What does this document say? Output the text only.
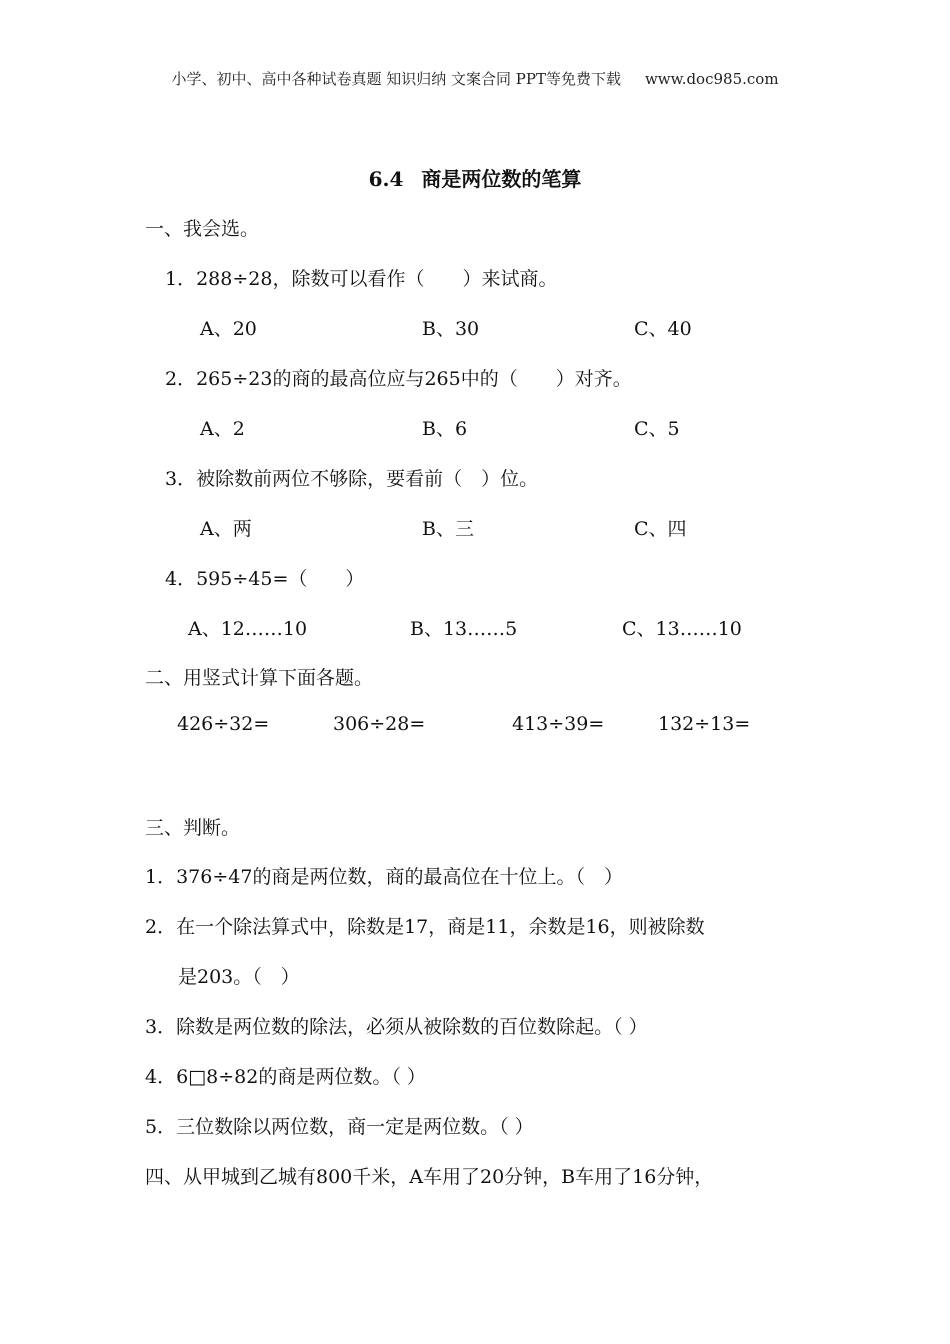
小学、初中、高中各种试卷真题 知识归纳 文案合同 PPT等免费下载 www.doc985.com
6.4 商是两位数的笔算
一、我会选。
1．288÷28，除数可以看作（　　）来试商。
A、20	B、30	C、40
2．265÷23的商的最高位应与265中的（　　）对齐。
A、2	B、6	C、5
3．被除数前两位不够除，要看前（　）位。
A、两	B、三	C、四
4．595÷45=（　　）
A、12……10	B、13……5	C、13……10
二、用竖式计算下面各题。
426÷32=	306÷28=	413÷39=	132÷13=
三、判断。
1．376÷47的商是两位数，商的最高位在十位上。（　）
2．在一个除法算式中，除数是17，商是11，余数是16，则被除数
是203。（　）
3．除数是两位数的除法，必须从被除数的百位数除起。（ ）
4．6□8÷82的商是两位数。（ ）
5．三位数除以两位数，商一定是两位数。（ ）
四、从甲城到乙城有800千米，A车用了20分钟，B车用了16分钟，
